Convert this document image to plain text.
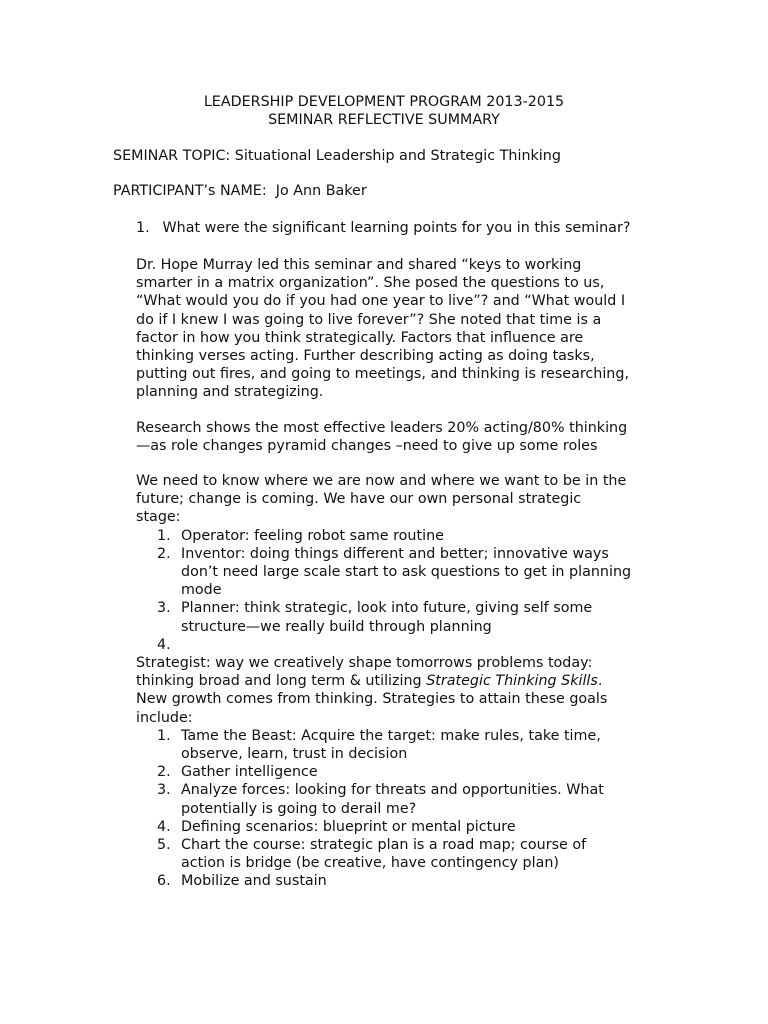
LEADERSHIP DEVELOPMENT PROGRAM 2013-2015
SEMINAR REFLECTIVE SUMMARY
SEMINAR TOPIC: Situational Leadership and Strategic Thinking
PARTICIPANT’s NAME: Jo Ann Baker
1. What were the significant learning points for you in this seminar?
Dr. Hope Murray led this seminar and shared “keys to working
smarter in a matrix organization”. She posed the questions to us,
“What would you do if you had one year to live”? and “What would I
do if I knew I was going to live forever”? She noted that time is a
factor in how you think strategically. Factors that influence are
thinking verses acting. Further describing acting as doing tasks,
putting out fires, and going to meetings, and thinking is researching,
planning and strategizing.
Research shows the most effective leaders 20% acting/80% thinking
—as role changes pyramid changes –need to give up some roles
We need to know where we are now and where we want to be in the
future; change is coming. We have our own personal strategic
stage:
1. Operator: feeling robot same routine
2. Inventor: doing things different and better; innovative ways
don’t need large scale start to ask questions to get in planning
mode
3. Planner: think strategic, look into future, giving self some
structure—we really build through planning
4.

Strategist: way we creatively shape tomorrows problems today:
thinking broad and long term & utilizing Strategic Thinking Skills.
New growth comes from thinking. Strategies to attain these goals
include:
1. Tame the Beast: Acquire the target: make rules, take time,
observe, learn, trust in decision
2. Gather intelligence
3. Analyze forces: looking for threats and opportunities. What
potentially is going to derail me?
4. Defining scenarios: blueprint or mental picture
5. Chart the course: strategic plan is a road map; course of
action is bridge (be creative, have contingency plan)
6. Mobilize and sustain
